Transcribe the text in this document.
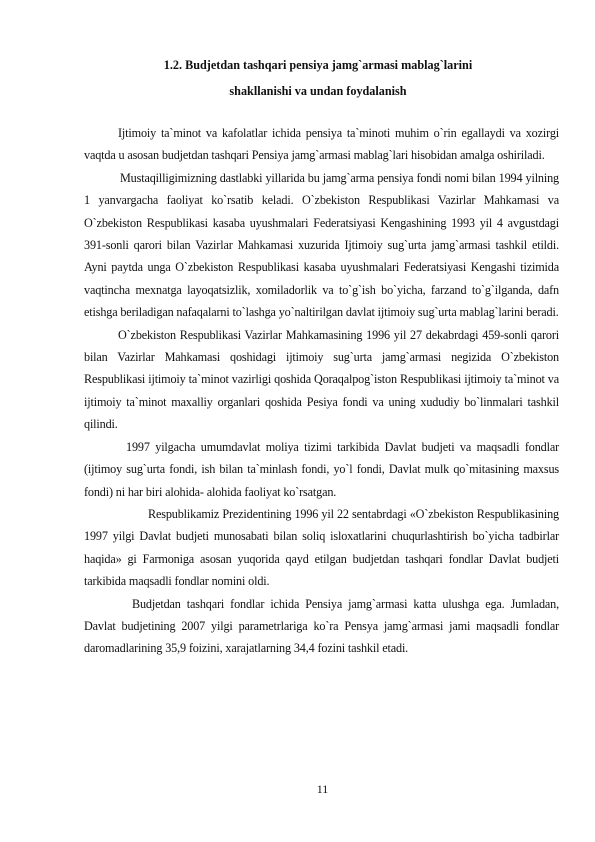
1.2. Budjetdan tashqari pensiya jamg`armasi mablag`larini
shakllanishi va undan foydalanish

Ijtimoiy ta`minot va kafolatlar ichida pensiya ta`minoti muhim o`rin egallaydi va xozirgi vaqtda u asosan budjetdan tashqari Pensiya jamg`armasi mablag`lari hisobidan amalga oshiriladi.

Mustaqilligimizning dastlabki yillarida bu jamg`arma pensiya fondi nomi bilan 1994 yilning 1 yanvargacha faoliyat ko`rsatib keladi. O`zbekiston Respublikasi Vazirlar Mahkamasi va O`zbekiston Respublikasi kasaba uyushmalari Federatsiyasi Kengashining 1993 yil 4 avgustdagi 391-sonli qarori bilan Vazirlar Mahkamasi xuzurida Ijtimoiy sug`urta jamg`armasi tashkil etildi. Ayni paytda unga O`zbekiston Respublikasi kasaba uyushmalari Federatsiyasi Kengashi tizimida vaqtincha mexnatga layoqatsizlik, xomiladorlik va to`g`ish bo`yicha, farzand to`g`ilganda, dafn etishga beriladigan nafaqalarni to`lashga yo`naltirilgan davlat ijtimoiy sug`urta mablag`larini beradi.

O`zbekiston Respublikasi Vazirlar Mahkamasining 1996 yil 27 dekabrdagi 459-sonli qarori bilan Vazirlar Mahkamasi qoshidagi ijtimoiy sug`urta jamg`armasi negizida O`zbekiston Respublikasi ijtimoiy ta`minot vazirligi qoshida Qoraqalpog`iston Respublikasi ijtimoiy ta`minot va ijtimoiy ta`minot maxalliy organlari qoshida Pesiya fondi va uning xududiy bo`linmalari tashkil qilindi.

1997 yilgacha umumdavlat moliya tizimi tarkibida Davlat budjeti va maqsadli fondlar (ijtimoy sug`urta fondi, ish bilan ta`minlash fondi, yo`l fondi, Davlat mulk qo`mitasining maxsus fondi) ni har biri alohida- alohida faoliyat ko`rsatgan.

Respublikamiz Prezidentining 1996 yil 22 sentabrdagi «O`zbekiston Respublikasining 1997 yilgi Davlat budjeti munosabati bilan soliq isloxatlarini chuqurlashtirish bo`yicha tadbirlar haqida» gi Farmoniga asosan yuqorida qayd etilgan budjetdan tashqari fondlar Davlat budjeti tarkibida maqsadli fondlar nomini oldi.

Budjetdan tashqari fondlar ichida Pensiya jamg`armasi katta ulushga ega. Jumladan, Davlat budjetining 2007 yilgi parametrlariga ko`ra Pensya jamg`armasi jami maqsadli fondlar daromadlarining 35,9 foizini, xarajatlarning 34,4 fozini tashkil etadi.

11
